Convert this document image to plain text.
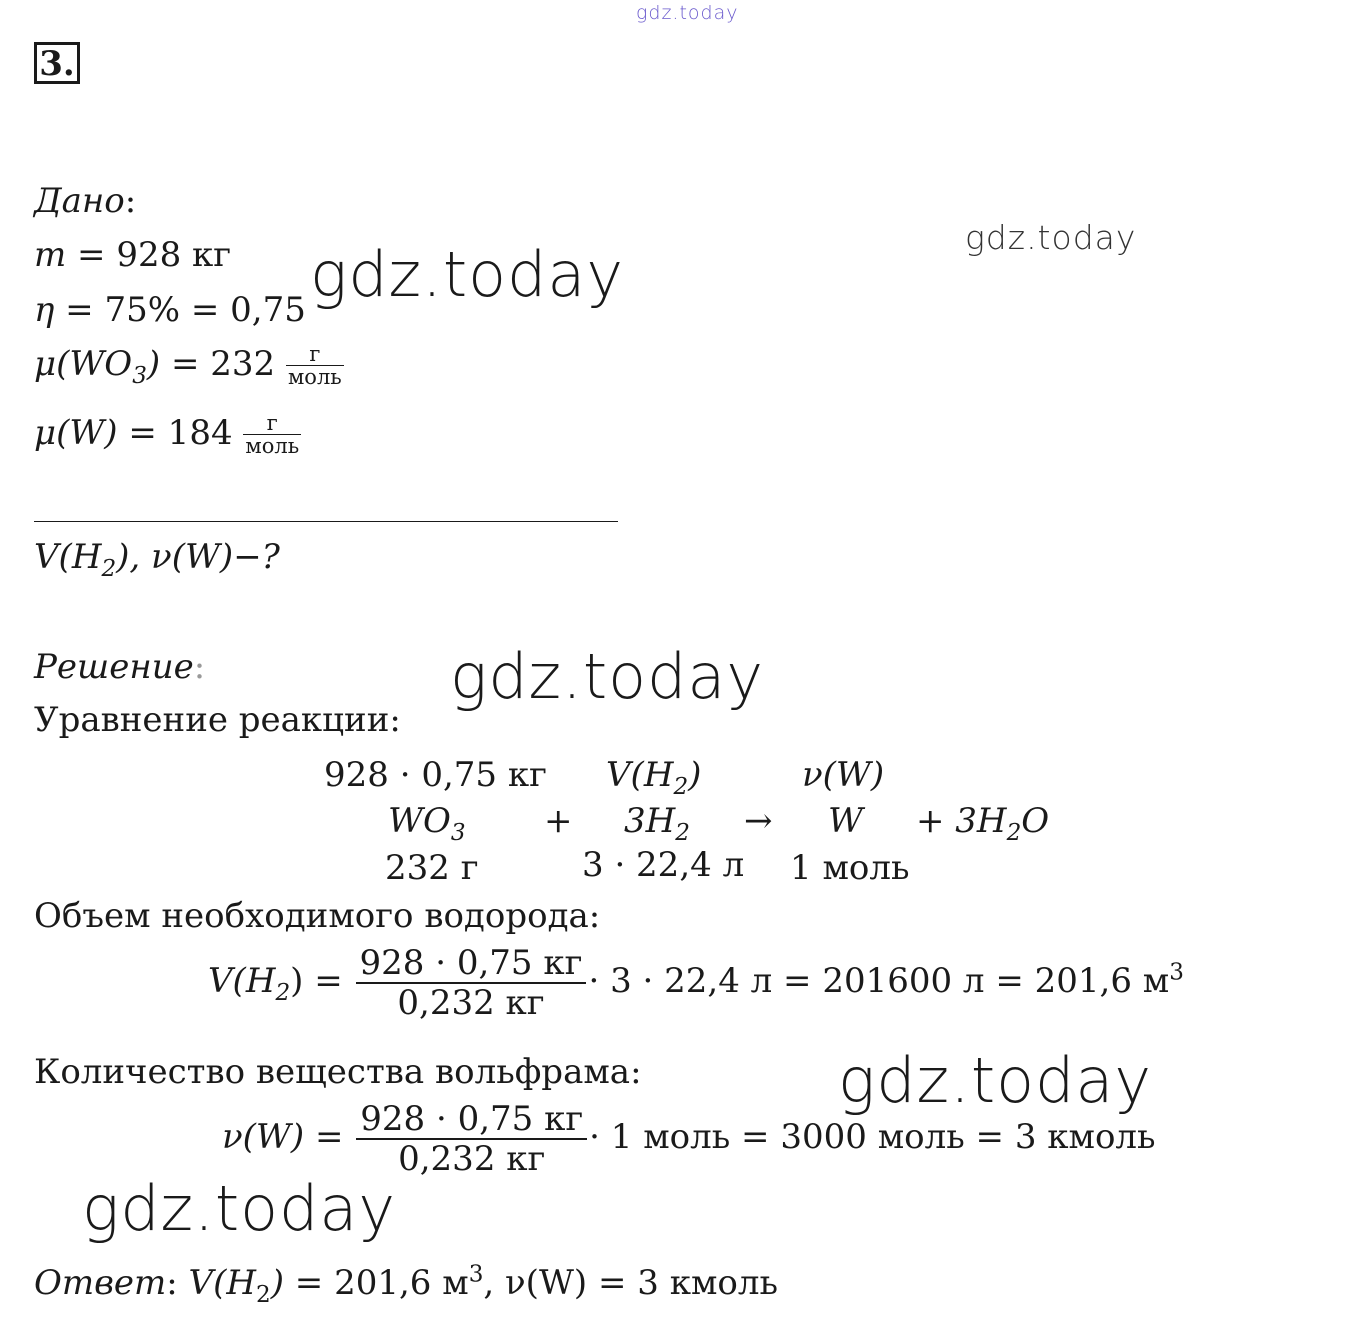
gdz.today
gdz.today
3.
Дано:
m = 928 кг
η = 75% = 0,75
$\mu(WO_3) = 232 \frac{г}{\text{моль}}$
$\mu(W) = 184 \frac{г}{\text{моль}}$
$V(H_2)$, ν(W)−?
Решение:
Уравнение реакции:
928 · 0,75 кг $V(H_2)$	ν(W)
$WO_3 + 3H_2 \to W + 3H_2O$
232 г	3 · 22,4 л 1 моль
Объем необходимого водорода:
$V(H_2) = \frac{928 \cdot 0,75 кг}{0,232 кг} \cdot 3 \cdot 22,4$ л = 201600 л = 201,6 $м^3$
Количество вещества вольфрама:
$\nu(W) = \frac{928 \cdot 0,75 кг}{0,232 кг} \cdot 1$ моль = 3000 моль = 3 кмоль
Ответ: $V(H_2) = 201,6$ $м^3$, ν(W) = 3 кмоль
gdz.today
gdz.today
gdz.today
gdz.today
